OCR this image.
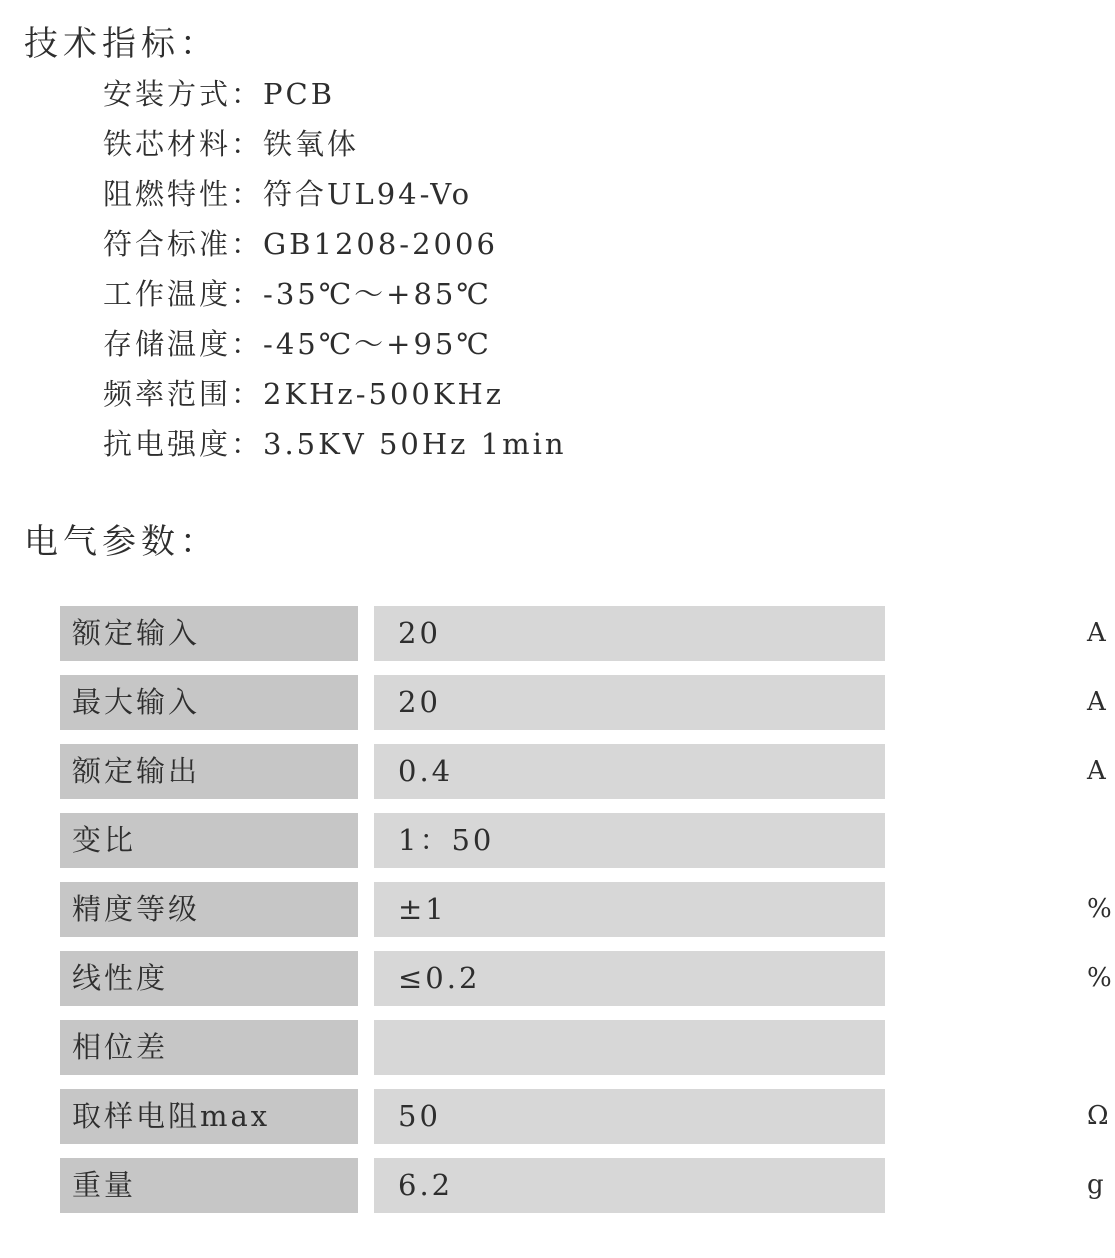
技术指标：
安装方式：PCB
铁芯材料：铁氧体
阻燃特性：符合UL94-Vo
符合标准：GB1208-2006
工作温度：-35℃～+85℃
存储温度：-45℃～+95℃
频率范围：2KHz-500KHz
抗电强度：3.5KV 50Hz 1min
电气参数：
额定输入	20	A
最大输入	20	A
额定输出	0.4	A
变比	1：50
精度等级	±1	%
线性度	≤0.2	%
相位差
取样电阻max	50	Ω
重量	6.2	g
